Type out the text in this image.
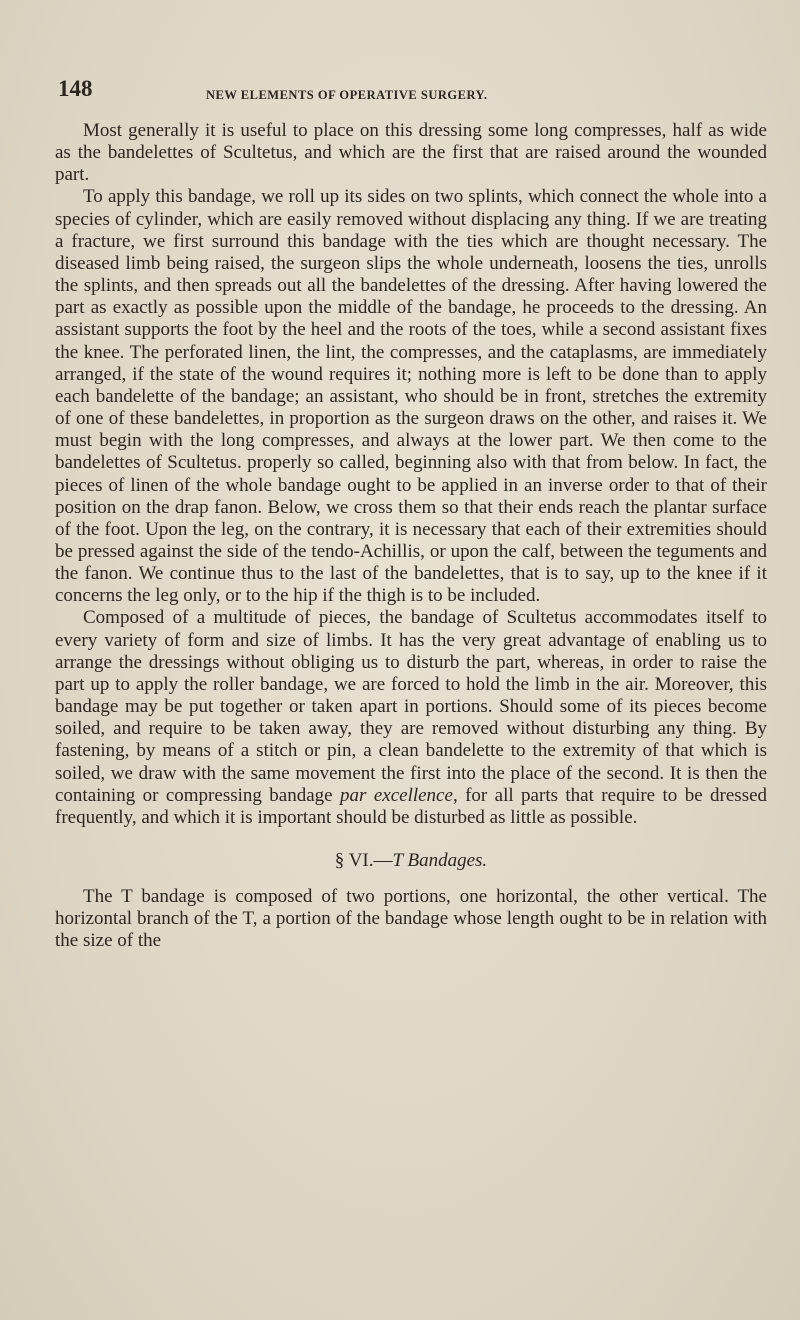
148	NEW ELEMENTS OF OPERATIVE SURGERY.

Most generally it is useful to place on this dressing some long compresses, half as wide as the bandelettes of Scultetus, and which are the first that are raised around the wounded part.

To apply this bandage, we roll up its sides on two splints, which connect the whole into a species of cylinder, which are easily removed without displacing any thing. If we are treating a fracture, we first surround this bandage with the ties which are thought necessary. The diseased limb being raised, the surgeon slips the whole underneath, loosens the ties, unrolls the splints, and then spreads out all the bandelettes of the dressing. After having lowered the part as exactly as possible upon the middle of the bandage, he proceeds to the dressing. An assistant supports the foot by the heel and the roots of the toes, while a second assistant fixes the knee. The perforated linen, the lint, the compresses, and the cataplasms, are immediately arranged, if the state of the wound requires it; nothing more is left to be done than to apply each bandelette of the bandage; an assistant, who should be in front, stretches the extremity of one of these bandelettes, in proportion as the surgeon draws on the other, and raises it. We must begin with the long compresses, and always at the lower part. We then come to the bandelettes of Scultetus. properly so called, beginning also with that from below. In fact, the pieces of linen of the whole bandage ought to be applied in an inverse order to that of their position on the drap fanon. Below, we cross them so that their ends reach the plantar surface of the foot. Upon the leg, on the contrary, it is necessary that each of their extremities should be pressed against the side of the tendo-Achillis, or upon the calf, between the teguments and the fanon. We continue thus to the last of the bandelettes, that is to say, up to the knee if it concerns the leg only, or to the hip if the thigh is to be included.

Composed of a multitude of pieces, the bandage of Scultetus accommodates itself to every variety of form and size of limbs. It has the very great advantage of enabling us to arrange the dressings without obliging us to disturb the part, whereas, in order to raise the part up to apply the roller bandage, we are forced to hold the limb in the air. Moreover, this bandage may be put together or taken apart in portions. Should some of its pieces become soiled, and require to be taken away, they are removed without disturbing any thing. By fastening, by means of a stitch or pin, a clean bandelette to the extremity of that which is soiled, we draw with the same movement the first into the place of the second. It is then the containing or compressing bandage par excellence, for all parts that require to be dressed frequently, and which it is important should be disturbed as little as possible.

§ VI.—T Bandages.

The T bandage is composed of two portions, one horizontal, the other vertical. The horizontal branch of the T, a portion of the bandage whose length ought to be in relation with the size of the
